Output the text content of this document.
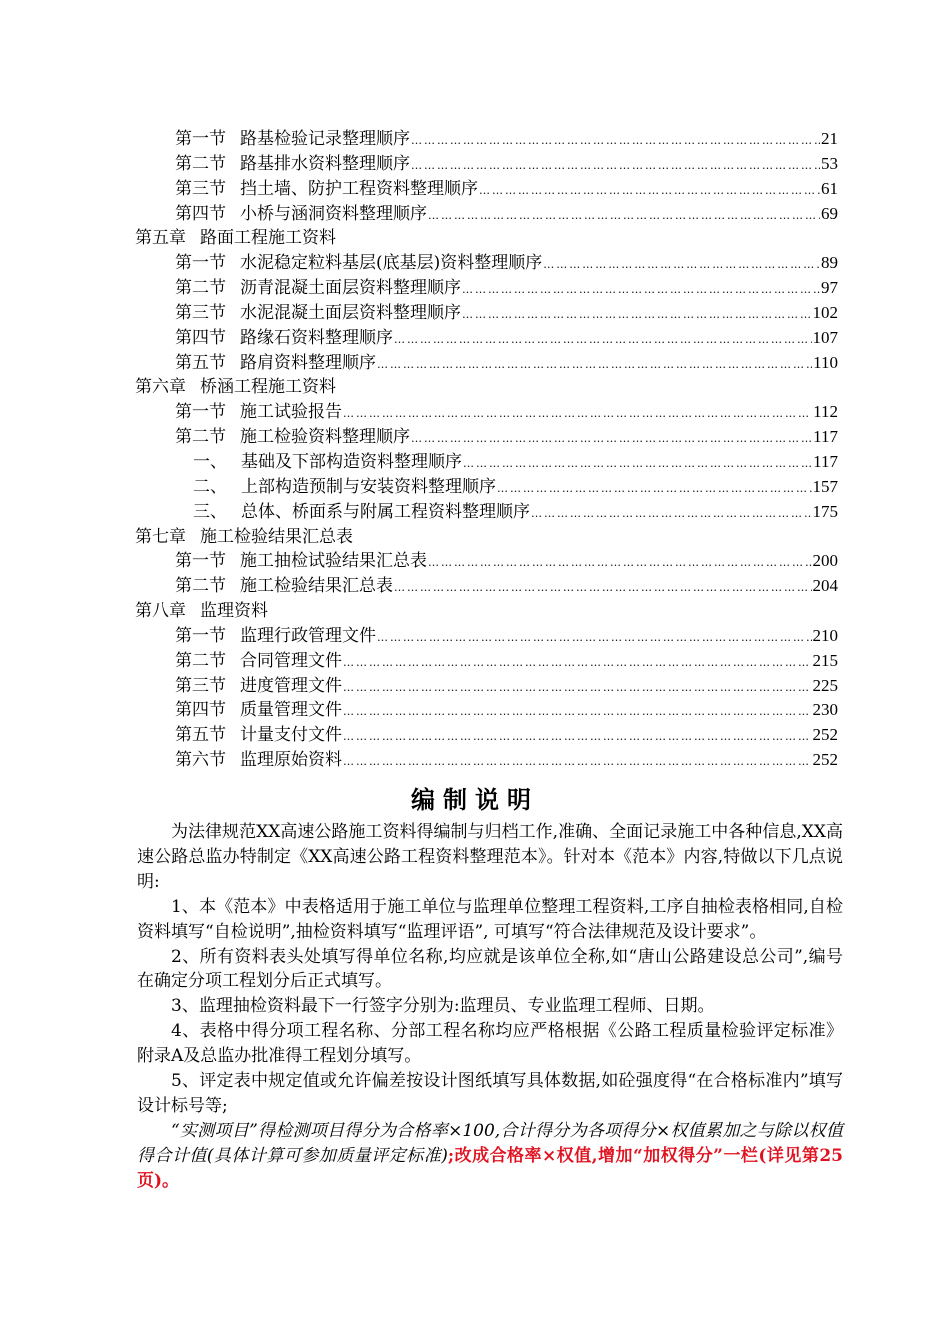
第一节 路基检验记录整理顺序 …………………………………………………………………………………………………………………………………………………………………………	21
第二节 路基排水资料整理顺序 …………………………………………………………………………………………………………………………………………………………………………	53
第三节 挡土墙、防护工程资料整理顺序 …………………………………………………………………………………………………………………………………………………………………………	61
第四节 小桥与涵洞资料整理顺序 …………………………………………………………………………………………………………………………………………………………………………	69
第五章 路面工程施工资料
第一节 水泥稳定粒料基层(底基层)资料整理顺序 …………………………………………………………………………………………………………………………………………………………………………	89
第二节 沥青混凝土面层资料整理顺序 …………………………………………………………………………………………………………………………………………………………………………	97
第三节 水泥混凝土面层资料整理顺序 …………………………………………………………………………………………………………………………………………………………………………	102
第四节 路缘石资料整理顺序 …………………………………………………………………………………………………………………………………………………………………………	107
第五节 路肩资料整理顺序 …………………………………………………………………………………………………………………………………………………………………………	110
第六章 桥涵工程施工资料
第一节 施工试验报告 …………………………………………………………………………………………………………………………………………………………………………	112
第二节 施工检验资料整理顺序 …………………………………………………………………………………………………………………………………………………………………………	117
一、 基础及下部构造资料整理顺序 …………………………………………………………………………………………………………………………………………………………………………	117
二、 上部构造预制与安装资料整理顺序 …………………………………………………………………………………………………………………………………………………………………………	157
三、 总体、桥面系与附属工程资料整理顺序 …………………………………………………………………………………………………………………………………………………………………………	175
第七章 施工检验结果汇总表
第一节 施工抽检试验结果汇总表 …………………………………………………………………………………………………………………………………………………………………………	200
第二节 施工检验结果汇总表 …………………………………………………………………………………………………………………………………………………………………………	204
第八章 监理资料
第一节 监理行政管理文件 …………………………………………………………………………………………………………………………………………………………………………	210
第二节 合同管理文件 …………………………………………………………………………………………………………………………………………………………………………	215
第三节 进度管理文件 …………………………………………………………………………………………………………………………………………………………………………	225
第四节 质量管理文件 …………………………………………………………………………………………………………………………………………………………………………	230
第五节 计量支付文件 …………………………………………………………………………………………………………………………………………………………………………	252
第六节 监理原始资料 …………………………………………………………………………………………………………………………………………………………………………	252
编制说明

为法律规范XX高速公路施工资料得编制与归档工作,准确、全面记录施工中各种信息,XX高速公路总监办特制定《XX高速公路工程资料整理范本》。针对本《范本》内容,特做以下几点说明:

1、本《范本》中表格适用于施工单位与监理单位整理工程资料,工序自抽检表格相同,自检资料填写“自检说明”,抽检资料填写“监理评语”, 可填写“符合法律规范及设计要求”。

2、所有资料表头处填写得单位名称,均应就是该单位全称,如“唐山公路建设总公司”,编号在确定分项工程划分后正式填写。

3、监理抽检资料最下一行签字分别为:监理员、专业监理工程师、日期。

4、表格中得分项工程名称、分部工程名称均应严格根据《公路工程质量检验评定标准》附录A及总监办批准得工程划分填写。

5、评定表中规定值或允许偏差按设计图纸填写具体数据,如砼强度得“在合格标准内”填写设计标号等;

“实测项目”得检测项目得分为合格率×100,合计得分为各项得分×权值累加之与除以权值得合计值(具体计算可参加质量评定标准);改成合格率×权值,增加“加权得分”一栏(详见第25页)。
